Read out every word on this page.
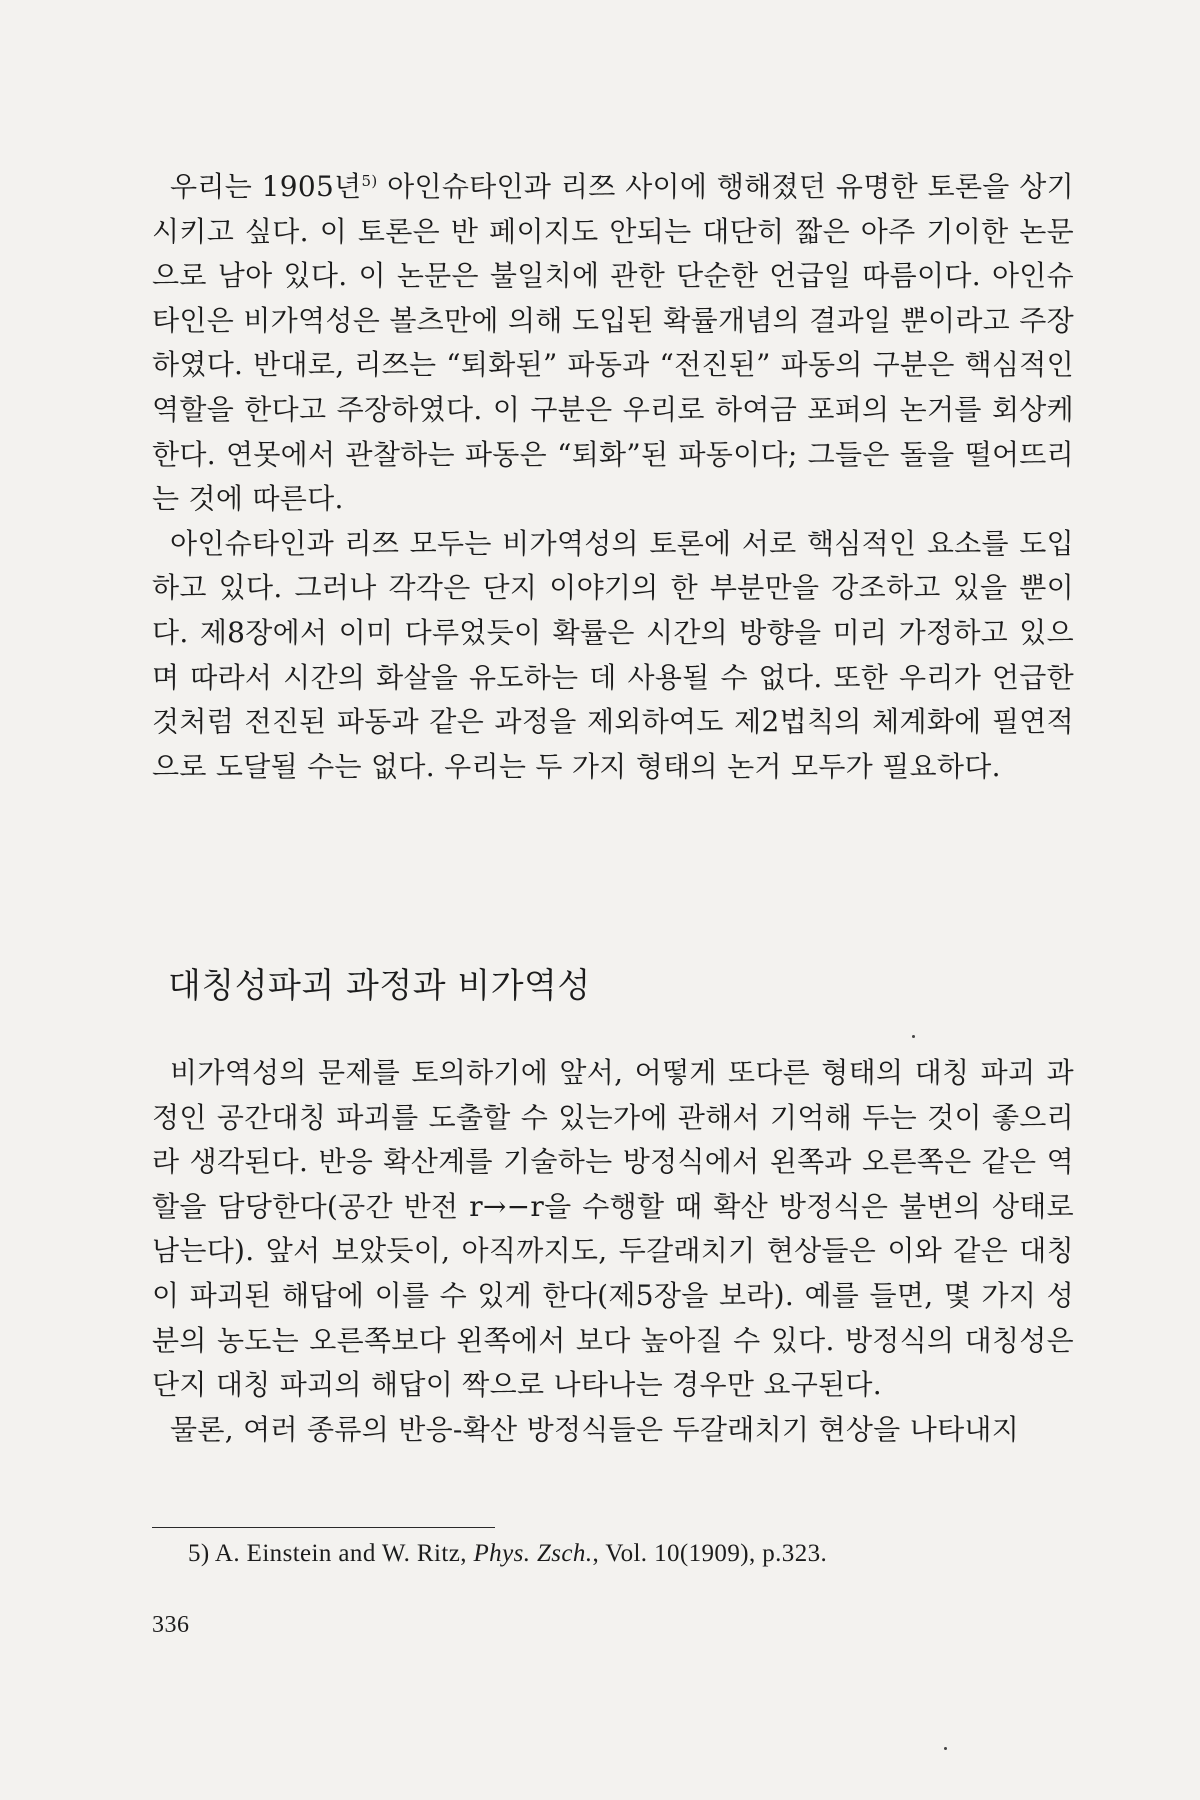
우리는 1905년$^{5)}$ 아인슈타인과 리쯔 사이에 행해졌던 유명한 토론을 상기시키고 싶다. 이 토론은 반 페이지도 안되는 대단히 짧은 아주 기이한 논문으로 남아 있다. 이 논문은 불일치에 관한 단순한 언급일 따름이다. 아인슈타인은 비가역성은 볼츠만에 의해 도입된 확률개념의 결과일 뿐이라고 주장하였다. 반대로, 리쯔는 “퇴화된” 파동과 “전진된” 파동의 구분은 핵심적인 역할을 한다고 주장하였다. 이 구분은 우리로 하여금 포퍼의 논거를 회상케 한다. 연못에서 관찰하는 파동은 “퇴화”된 파동이다; 그들은 돌을 떨어뜨리는 것에 따른다.

아인슈타인과 리쯔 모두는 비가역성의 토론에 서로 핵심적인 요소를 도입하고 있다. 그러나 각각은 단지 이야기의 한 부분만을 강조하고 있을 뿐이다. 제8장에서 이미 다루었듯이 확률은 시간의 방향을 미리 가정하고 있으며 따라서 시간의 화살을 유도하는 데 사용될 수 없다. 또한 우리가 언급한 것처럼 전진된 파동과 같은 과정을 제외하여도 제2법칙의 체계화에 필연적으로 도달될 수는 없다. 우리는 두 가지 형태의 논거 모두가 필요하다.

대칭성파괴 과정과 비가역성

비가역성의 문제를 토의하기에 앞서, 어떻게 또다른 형태의 대칭 파괴 과정인 공간대칭 파괴를 도출할 수 있는가에 관해서 기억해 두는 것이 좋으리라 생각된다. 반응 확산계를 기술하는 방정식에서 왼쪽과 오른쪽은 같은 역할을 담당한다(공간 반전 r→−r을 수행할 때 확산 방정식은 불변의 상태로 남는다). 앞서 보았듯이, 아직까지도, 두갈래치기 현상들은 이와 같은 대칭이 파괴된 해답에 이를 수 있게 한다(제5장을 보라). 예를 들면, 몇 가지 성분의 농도는 오른쪽보다 왼쪽에서 보다 높아질 수 있다. 방정식의 대칭성은 단지 대칭 파괴의 해답이 짝으로 나타나는 경우만 요구된다.

물론, 여러 종류의 반응-확산 방정식들은 두갈래치기 현상을 나타내지

5) A. Einstein and W. Ritz, Phys. Zsch., Vol. 10(1909), p.323.

336
